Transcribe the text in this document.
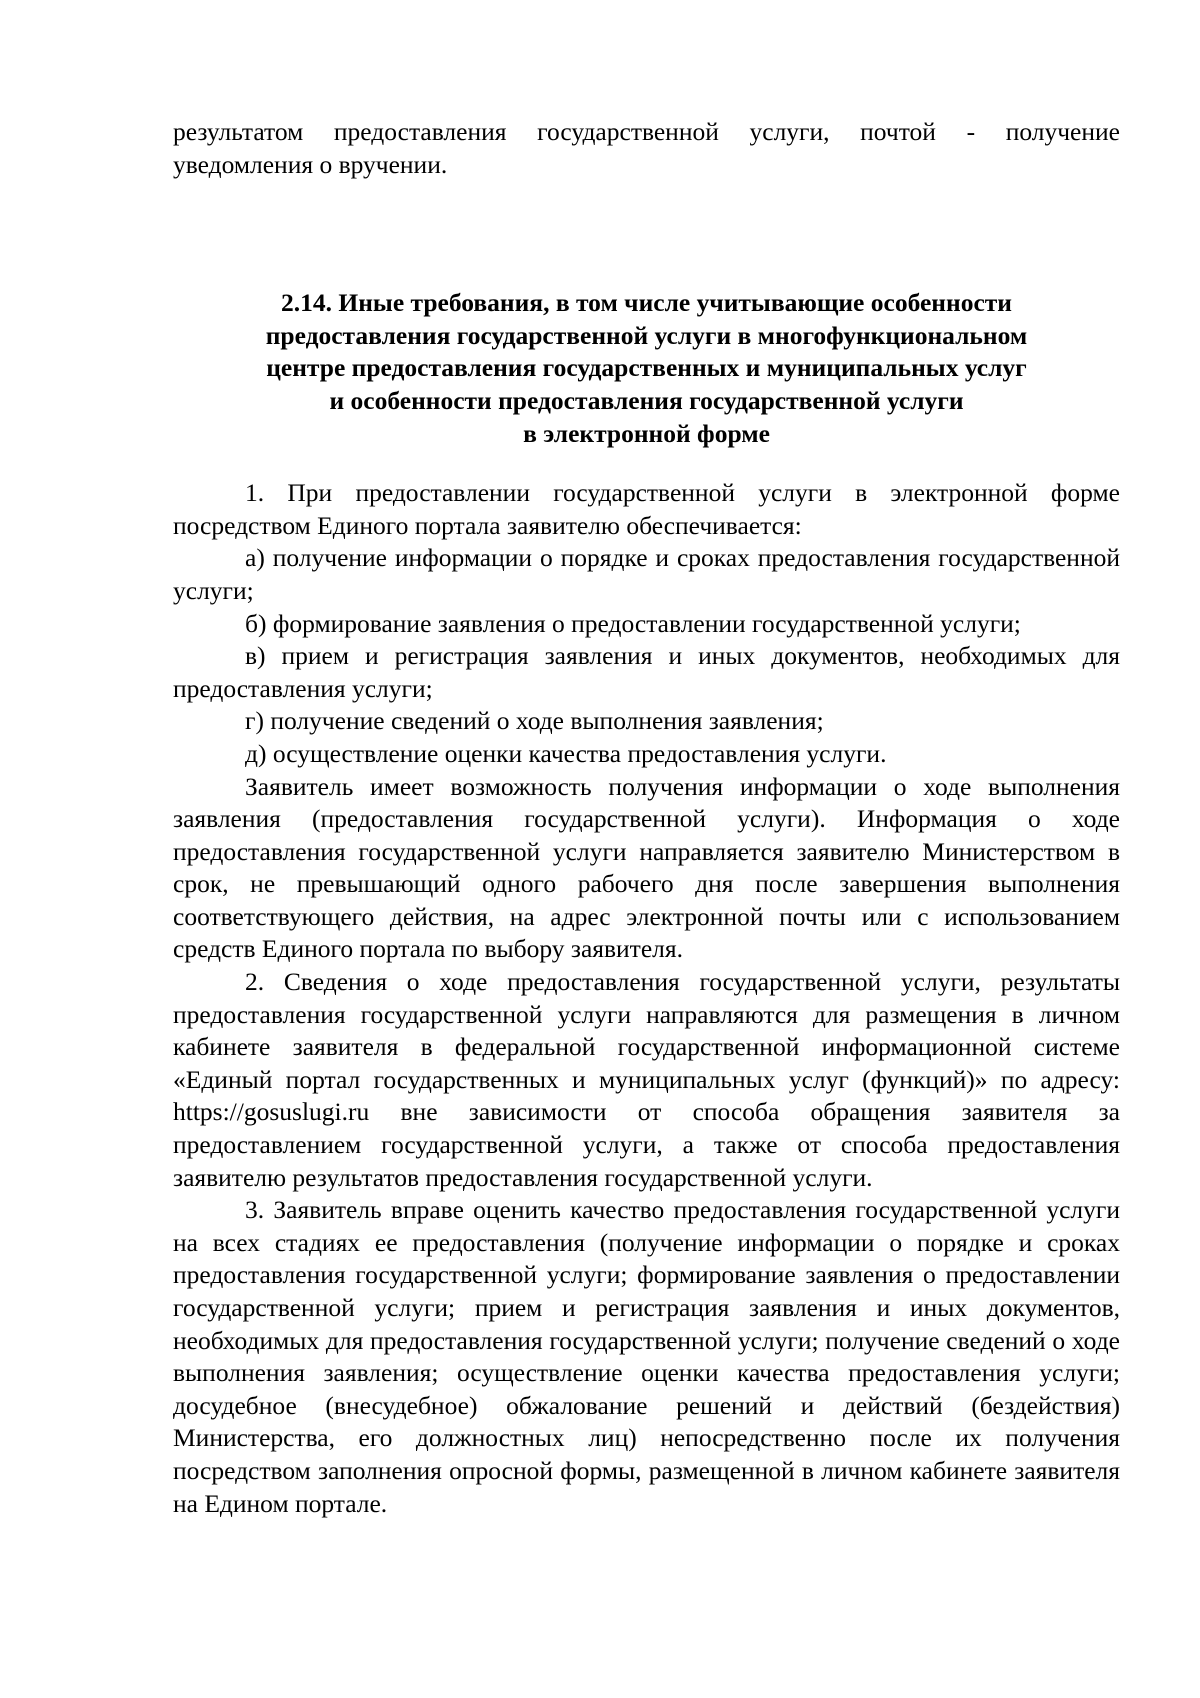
результатом предоставления государственной услуги, почтой - получение уведомления о вручении.

2.14. Иные требования, в том числе учитывающие особенности
предоставления государственной услуги в многофункциональном
центре предоставления государственных и муниципальных услуг
и особенности предоставления государственной услуги
в электронной форме

1. При предоставлении государственной услуги в электронной форме посредством Единого портала заявителю обеспечивается:

а) получение информации о порядке и сроках предоставления государственной услуги;

б) формирование заявления о предоставлении государственной услуги;

в) прием и регистрация заявления и иных документов, необходимых для предоставления услуги;

г) получение сведений о ходе выполнения заявления;

д) осуществление оценки качества предоставления услуги.

Заявитель имеет возможность получения информации о ходе выполнения заявления (предоставления государственной услуги). Информация о ходе предоставления государственной услуги направляется заявителю Министерством в срок, не превышающий одного рабочего дня после завершения выполнения соответствующего действия, на адрес электронной почты или с использованием средств Единого портала по выбору заявителя.

2. Сведения о ходе предоставления государственной услуги, результаты предоставления государственной услуги направляются для размещения в личном кабинете заявителя в федеральной государственной информационной системе «Единый портал государственных и муниципальных услуг (функций)» по адресу: https://gosuslugi.ru вне зависимости от способа обращения заявителя за предоставлением государственной услуги, а также от способа предоставления заявителю результатов предоставления государственной услуги.

3. Заявитель вправе оценить качество предоставления государственной услуги на всех стадиях ее предоставления (получение информации о порядке и сроках предоставления государственной услуги; формирование заявления о предоставлении государственной услуги; прием и регистрация заявления и иных документов, необходимых для предоставления государственной услуги; получение сведений о ходе выполнения заявления; осуществление оценки качества предоставления услуги; досудебное (внесудебное) обжалование решений и действий (бездействия) Министерства, его должностных лиц) непосредственно после их получения посредством заполнения опросной формы, размещенной в личном кабинете заявителя на Едином портале.
